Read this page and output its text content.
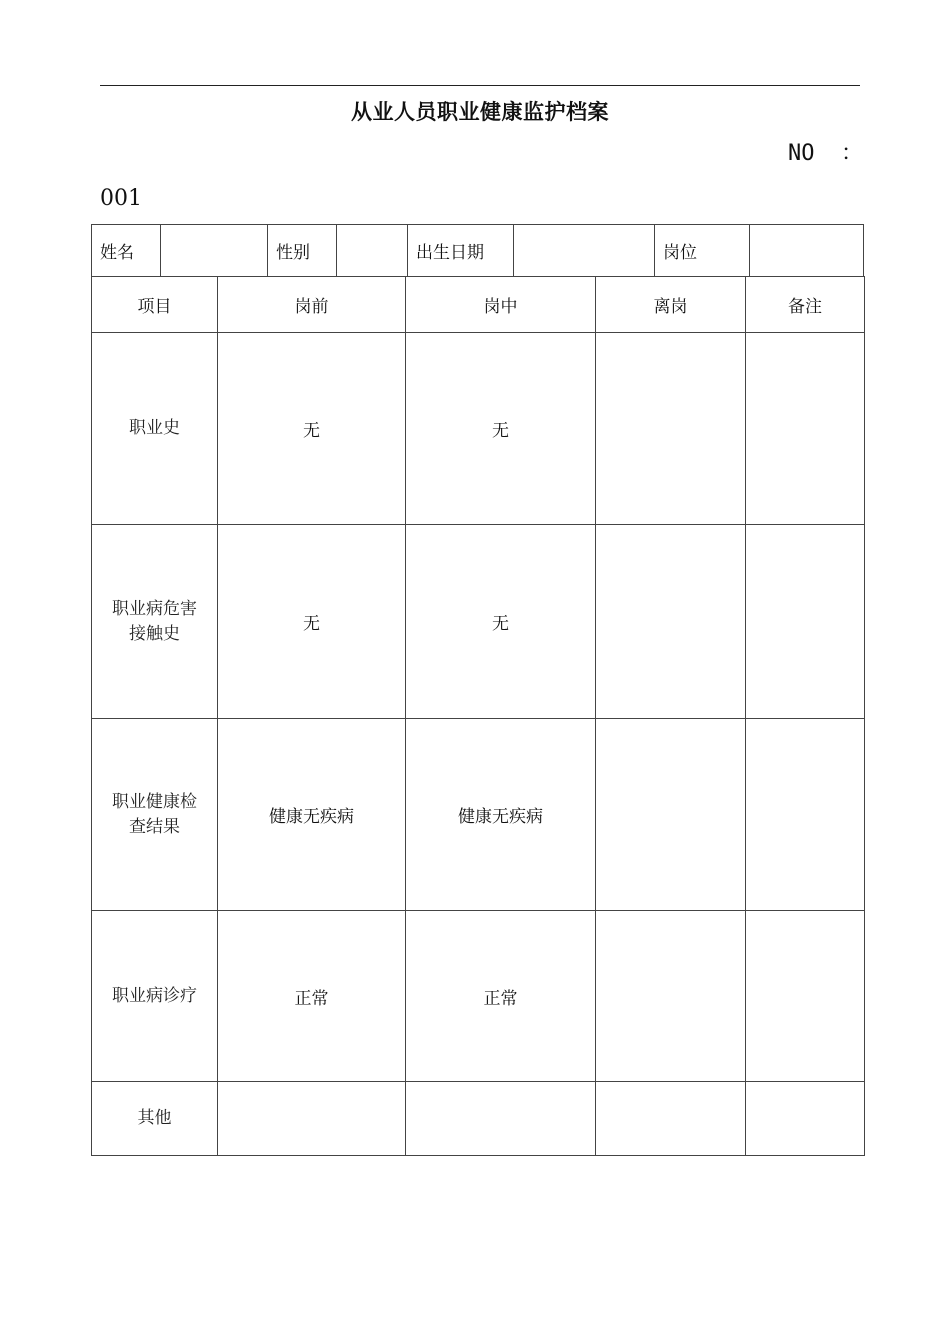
从业人员职业健康监护档案
NO  ：
001
姓名		性别		出生日期		岗位	
项目	岗前	岗中	离岗	备注
职业史	无	无		
职业病危害接触史	无	无		
职业健康检查结果	健康无疾病	健康无疾病		
职业病诊疗	正常	正常		
其他				
